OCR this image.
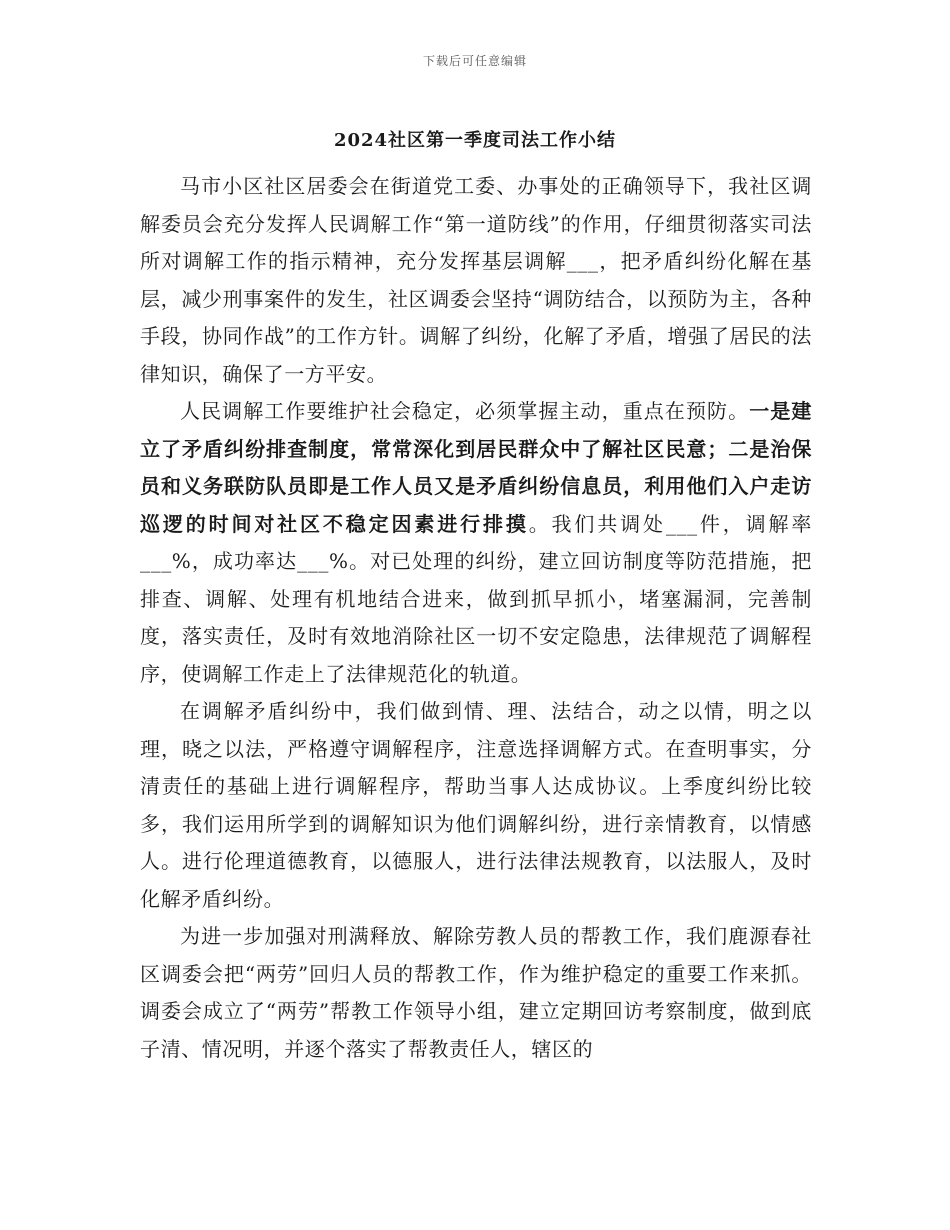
下载后可任意编辑
2024社区第一季度司法工作小结

马市小区社区居委会在街道党工委、办事处的正确领导下，我社区调解委员会充分发挥人民调解工作“第一道防线”的作用，仔细贯彻落实司法所对调解工作的指示精神，充分发挥基层调解___，把矛盾纠纷化解在基层，减少刑事案件的发生，社区调委会坚持“调防结合，以预防为主，各种手段，协同作战”的工作方针。调解了纠纷，化解了矛盾，增强了居民的法律知识，确保了一方平安。

人民调解工作要维护社会稳定，必须掌握主动，重点在预防。一是建立了矛盾纠纷排查制度，常常深化到居民群众中了解社区民意；二是治保员和义务联防队员即是工作人员又是矛盾纠纷信息员，利用他们入户走访巡逻的时间对社区不稳定因素进行排摸。我们共调处___件，调解率___%，成功率达___%。对已处理的纠纷，建立回访制度等防范措施，把排查、调解、处理有机地结合进来，做到抓早抓小，堵塞漏洞，完善制度，落实责任，及时有效地消除社区一切不安定隐患，法律规范了调解程序，使调解工作走上了法律规范化的轨道。

在调解矛盾纠纷中，我们做到情、理、法结合，动之以情，明之以理，晓之以法，严格遵守调解程序，注意选择调解方式。在查明事实，分清责任的基础上进行调解程序，帮助当事人达成协议。上季度纠纷比较多，我们运用所学到的调解知识为他们调解纠纷，进行亲情教育，以情感人。进行伦理道德教育，以德服人，进行法律法规教育，以法服人，及时化解矛盾纠纷。

为进一步加强对刑满释放、解除劳教人员的帮教工作，我们鹿源春社区调委会把“两劳”回归人员的帮教工作，作为维护稳定的重要工作来抓。调委会成立了“两劳”帮教工作领导小组，建立定期回访考察制度，做到底子清、情况明，并逐个落实了帮教责任人，辖区的
